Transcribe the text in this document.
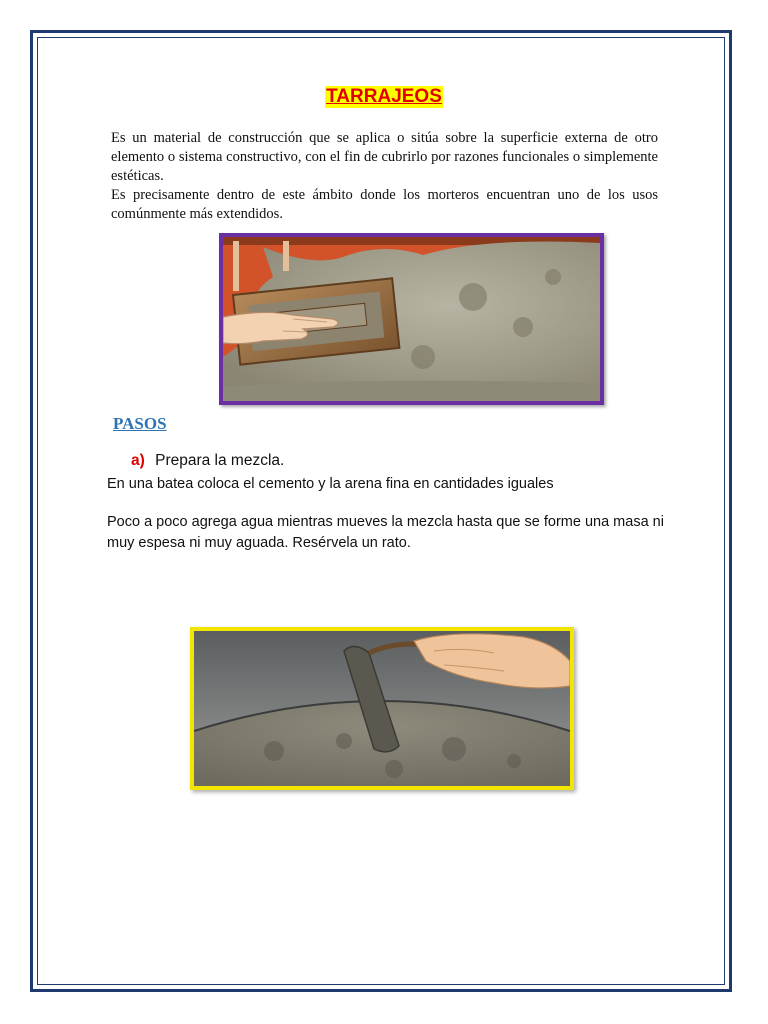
TARRAJEOS

Es un material de construcción que se aplica o sitúa sobre la superficie externa de otro elemento o sistema constructivo, con el fin de cubrirlo por razones funcionales o simplemente estéticas.

Es precisamente dentro de este ámbito donde los morteros encuentran uno de los usos comúnmente más extendidos.

PASOS
a) Prepara la mezcla.
En una batea coloca el cemento y la arena fina en cantidades iguales
Poco a poco agrega agua mientras mueves la mezcla hasta que se forme una masa ni muy espesa ni muy aguada. Resérvela un rato.
